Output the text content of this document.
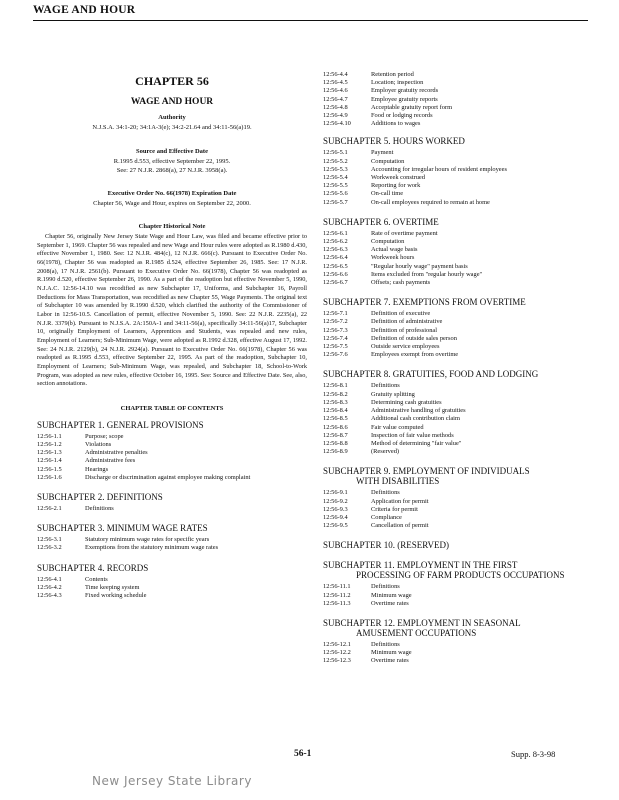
WAGE AND HOUR
CHAPTER 56
WAGE AND HOUR
Authority
N.J.S.A. 34:1-20; 34:1A-3(e); 34:2-21.64 and 34:11-56(a)19.
Source and Effective Date
R.1995 d.553, effective September 22, 1995.
See: 27 N.J.R. 2868(a), 27 N.J.R. 3958(a).
Executive Order No. 66(1978) Expiration Date
Chapter 56, Wage and Hour, expires on September 22, 2000.
Chapter Historical Note
Chapter 56, originally New Jersey State Wage and Hour Law, was filed and became effective prior to September 1, 1969. Chapter 56 was repealed and new Wage and Hour rules were adopted as R.1980 d.430, effective November 1, 1980. See: 12 N.J.R. 484(c), 12 N.J.R. 666(c). Pursuant to Executive Order No. 66(1978), Chapter 56 was readopted as R.1985 d.524, effective September 26, 1985. See: 17 N.J.R. 2008(a), 17 N.J.R. 2561(b). Pursuant to Executive Order No. 66(1978), Chapter 56 was readopted as R.1990 d.520, effective September 26, 1990. As a part of the readoption but effective November 5, 1990, N.J.A.C. 12:56-14.10 was recodified as new Subchapter 17, Uniforms, and Subchapter 16, Payroll Deductions for Mass Transportation, was recodified as new Chapter 55, Wage Payments. The original text of Subchapter 10 was amended by R.1990 d.520, which clarified the authority of the Commissioner of Labor in 12:56-10.5. Cancellation of permit, effective November 5, 1990. See: 22 N.J.R. 2235(a), 22 N.J.R. 3379(b). Pursuant to N.J.S.A. 2A:150A-1 and 34:11-56(a), specifically 34:11-56(a)17, Subchapter 10, originally Employment of Learners, Apprentices and Students, was repealed and new rules, Employment of Learners; Sub-Minimum Wage, were adopted as R.1992 d.328, effective August 17, 1992. See: 24 N.J.R. 2129(b), 24 N.J.R. 2924(a). Pursuant to Executive Order No. 66(1978), Chapter 56 was readopted as R.1995 d.553, effective September 22, 1995. As part of the readoption, Subchapter 10, Employment of Learners; Sub-Minimum Wage, was repealed, and Subchapter 18, School-to-Work Program, was adopted as new rules, effective October 16, 1995. See: Source and Effective Date. See, also, section annotations.
CHAPTER TABLE OF CONTENTS
SUBCHAPTER 1. GENERAL PROVISIONS
12:56-1.1	Purpose; scope
12:56-1.2	Violations
12:56-1.3	Administrative penalties
12:56-1.4	Administrative fees
12:56-1.5	Hearings
12:56-1.6	Discharge or discrimination against employee making complaint
SUBCHAPTER 2. DEFINITIONS
12:56-2.1	Definitions
SUBCHAPTER 3. MINIMUM WAGE RATES
12:56-3.1	Statutory minimum wage rates for specific years
12:56-3.2	Exemptions from the statutory minimum wage rates
SUBCHAPTER 4. RECORDS
12:56-4.1	Contents
12:56-4.2	Time keeping system
12:56-4.3	Fixed working schedule
12:56-4.4	Retention period
12:56-4.5	Location; inspection
12:56-4.6	Employer gratuity records
12:56-4.7	Employee gratuity reports
12:56-4.8	Acceptable gratuity report form
12:56-4.9	Food or lodging records
12:56-4.10	Additions to wages
SUBCHAPTER 5. HOURS WORKED
12:56-5.1	Payment
12:56-5.2	Computation
12:56-5.3	Accounting for irregular hours of resident employees
12:56-5.4	Workweek construed
12:56-5.5	Reporting for work
12:56-5.6	On-call time
12:56-5.7	On-call employees required to remain at home
SUBCHAPTER 6. OVERTIME
12:56-6.1	Rate of overtime payment
12:56-6.2	Computation
12:56-6.3	Actual wage basis
12:56-6.4	Workweek hours
12:56-6.5	"Regular hourly wage" payment basis
12:56-6.6	Items excluded from "regular hourly wage"
12:56-6.7	Offsets; cash payments
SUBCHAPTER 7. EXEMPTIONS FROM OVERTIME
12:56-7.1	Definition of executive
12:56-7.2	Definition of administrative
12:56-7.3	Definition of professional
12:56-7.4	Definition of outside sales person
12:56-7.5	Outside service employees
12:56-7.6	Employees exempt from overtime
SUBCHAPTER 8. GRATUITIES, FOOD AND LODGING
12:56-8.1	Definitions
12:56-8.2	Gratuity splitting
12:56-8.3	Determining cash gratuities
12:56-8.4	Administrative handling of gratuities
12:56-8.5	Additional cash contribution claim
12:56-8.6	Fair value computed
12:56-8.7	Inspection of fair value methods
12:56-8.8	Method of determining "fair value"
12:56-8.9	(Reserved)
SUBCHAPTER 9. EMPLOYMENT OF INDIVIDUALS
WITH DISABILITIES
12:56-9.1	Definitions
12:56-9.2	Application for permit
12:56-9.3	Criteria for permit
12:56-9.4	Compliance
12:56-9.5	Cancellation of permit
SUBCHAPTER 10. (RESERVED)
SUBCHAPTER 11. EMPLOYMENT IN THE FIRST
PROCESSING OF FARM PRODUCTS OCCUPATIONS
12:56-11.1	Definitions
12:56-11.2	Minimum wage
12:56-11.3	Overtime rates
SUBCHAPTER 12. EMPLOYMENT IN SEASONAL
AMUSEMENT OCCUPATIONS
12:56-12.1	Definitions
12:56-12.2	Minimum wage
12:56-12.3	Overtime rates
56-1	Supp. 8-3-98
New Jersey State Library
